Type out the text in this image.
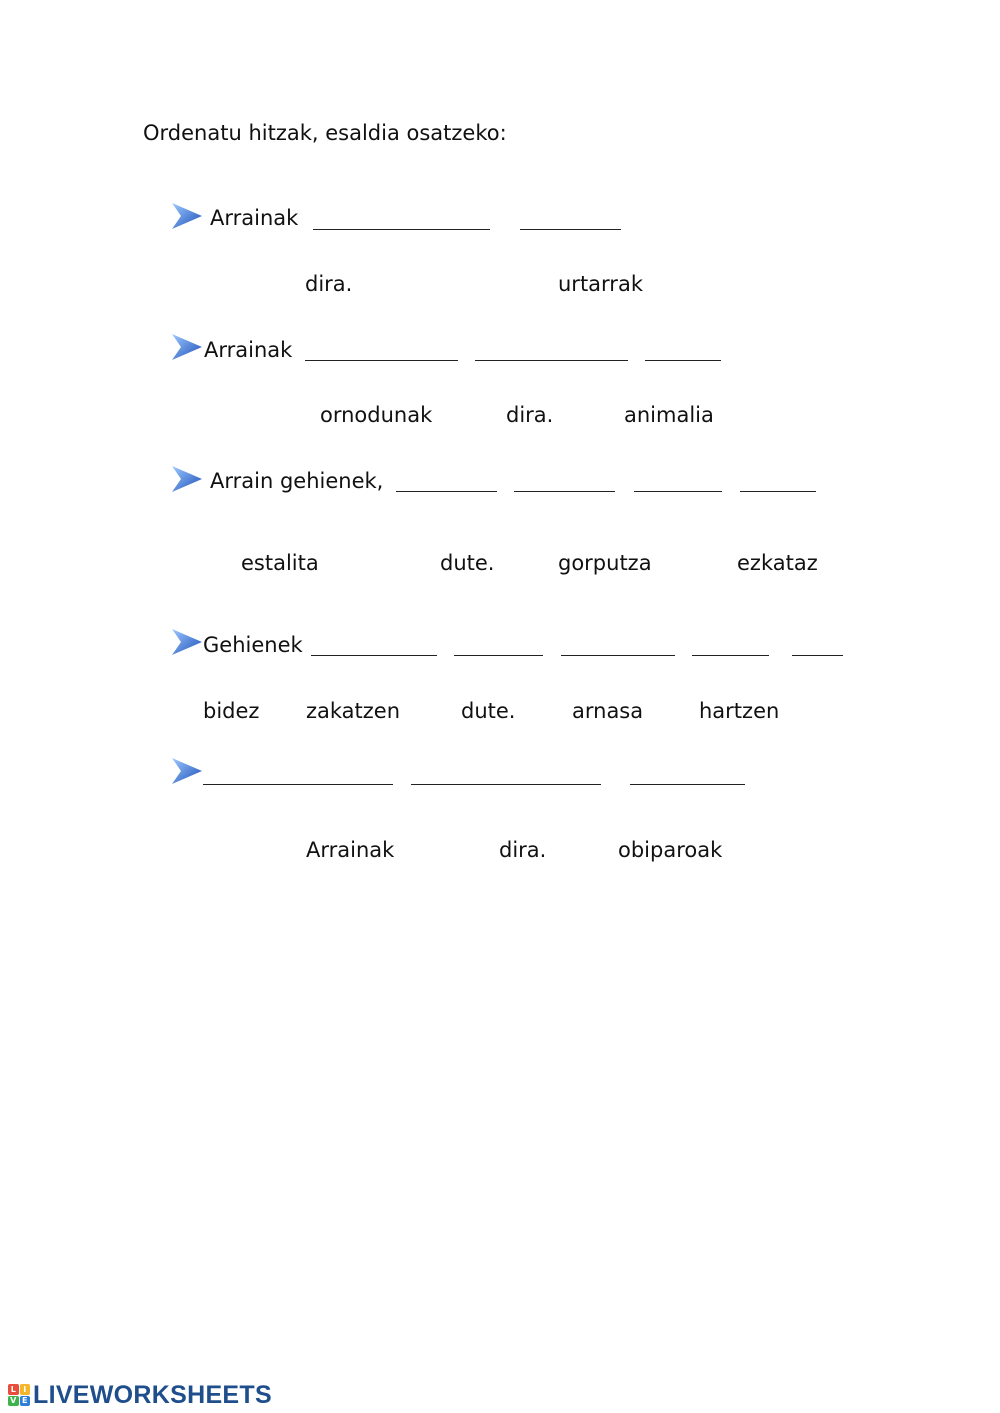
Ordenatu hitzak, esaldia osatzeko:
Arrainak
dira.	urtarrak
Arrainak
ornodunak	dira.	animalia
Arrain gehienek,
estalita	dute.	gorputza	ezkataz
Gehienek
bidez zakatzen	dute.	arnasa	hartzen
Arrainak	dira.	obiparoak
L I
V E LIVEWORKSHEETS
